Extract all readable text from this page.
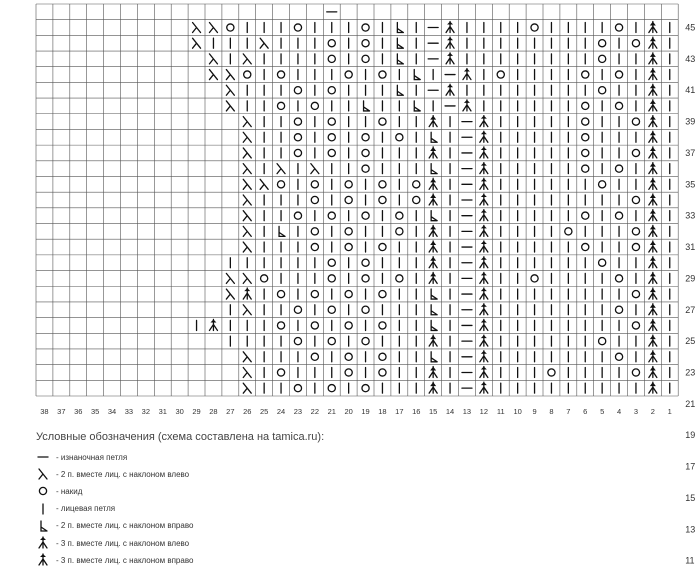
45
43
41
39
37
35
33
31
29
27
25
23
21
19
17
15
13
11
38 37 36 35 34 33 32 31 30 29 28 27 26 25 24 23 22 21 20 19 18 17 16 15 14 13 12 11 10 9 8 7 6 5 4 3 2 1
Условные обозначения (схема составлена на tamica.ru):
- изнаночная петля
- 2 п. вместе лиц. с наклоном влево
- накид
- лицевая петля
- 2 п. вместе лиц. с наклоном вправо
- 3 п. вместе лиц. с наклоном влево
- 3 п. вместе лиц. с наклоном вправо
